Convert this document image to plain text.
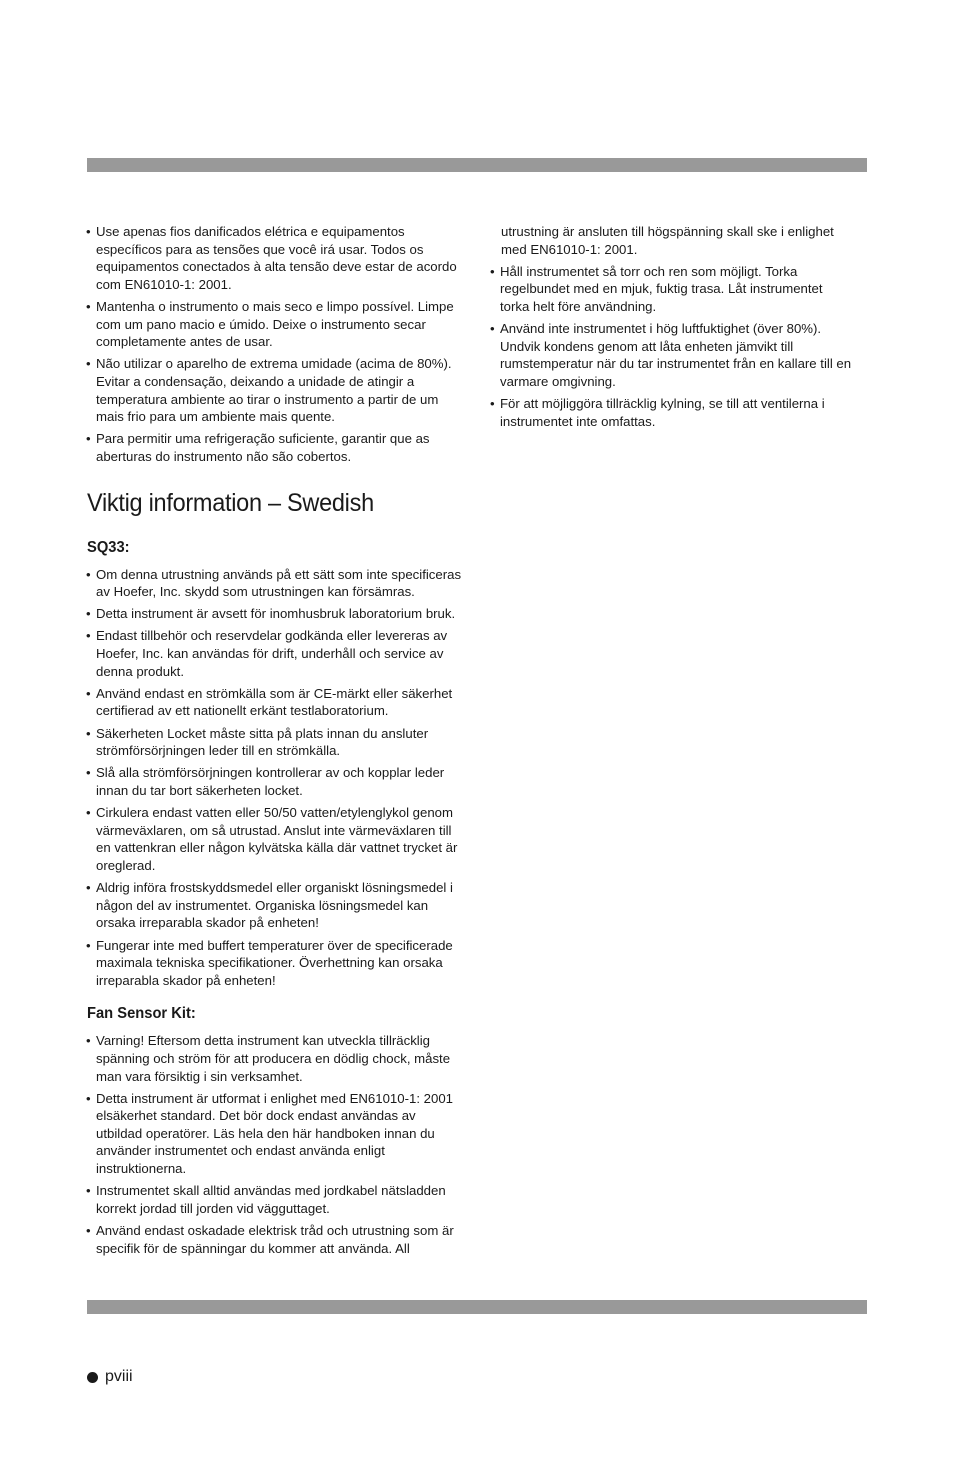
• Use apenas fios danificados elétrica e equipamentos específicos para as tensões que você irá usar. Todos os equipamentos conectados à alta tensão deve estar de acordo com EN61010-1: 2001.
• Mantenha o instrumento o mais seco e limpo possível. Limpe com um pano macio e úmido. Deixe o instrumento secar completamente antes de usar.
• Não utilizar o aparelho de extrema umidade (acima de 80%). Evitar a condensação, deixando a unidade de atingir a temperatura ambiente ao tirar o instrumento a partir de um mais frio para um ambiente mais quente.
• Para permitir uma refrigeração suficiente, garantir que as aberturas do instrumento não são cobertos.
Viktig information – Swedish
SQ33:
• Om denna utrustning används på ett sätt som inte specificeras av Hoefer, Inc. skydd som utrustningen kan försämras.
• Detta instrument är avsett för inomhusbruk laboratorium bruk.
• Endast tillbehör och reservdelar godkända eller levereras av Hoefer, Inc. kan användas för drift, underhåll och service av denna produkt.
• Använd endast en strömkälla som är CE-märkt eller säkerhet certifierad av ett nationellt erkänt testlaboratorium.
• Säkerheten Locket måste sitta på plats innan du ansluter strömförsörjningen leder till en strömkälla.
• Slå alla strömförsörjningen kontrollerar av och kopplar leder innan du tar bort säkerheten locket.
• Cirkulera endast vatten eller 50/50 vatten/etylenglykol genom värmeväxlaren, om så utrustad. Anslut inte värmeväxlaren till en vattenkran eller någon kylvätska källa där vattnet trycket är oreglerad.
• Aldrig införa frostskyddsmedel eller organiskt lösningsmedel i någon del av instrumentet. Organiska lösningsmedel kan orsaka irreparabla skador på enheten!
• Fungerar inte med buffert temperaturer över de specificerade maximala tekniska specifikationer. Överhettning kan orsaka irreparabla skador på enheten!
Fan Sensor Kit:
• Varning! Eftersom detta instrument kan utveckla tillräcklig spänning och ström för att producera en dödlig chock, måste man vara försiktig i sin verksamhet.
• Detta instrument är utformat i enlighet med EN61010-1: 2001 elsäkerhet standard. Det bör dock endast användas av utbildad operatörer. Läs hela den här handboken innan du använder instrumentet och endast använda enligt instruktionerna.
• Instrumentet skall alltid användas med jordkabel nätsladden korrekt jordad till jorden vid vägguttaget.
• Använd endast oskadade elektrisk tråd och utrustning som är specifik för de spänningar du kommer att använda. All
utrustning är ansluten till högspänning skall ske i enlighet med EN61010-1: 2001.
• Håll instrumentet så torr och ren som möjligt. Torka regelbundet med en mjuk, fuktig trasa. Låt instrumentet torka helt före användning.
• Använd inte instrumentet i hög luftfuktighet (över 80%). Undvik kondens genom att låta enheten jämvikt till rumstemperatur när du tar instrumentet från en kallare till en varmare omgivning.
• För att möjliggöra tillräcklig kylning, se till att ventilerna i instrumentet inte omfattas.
pviii
